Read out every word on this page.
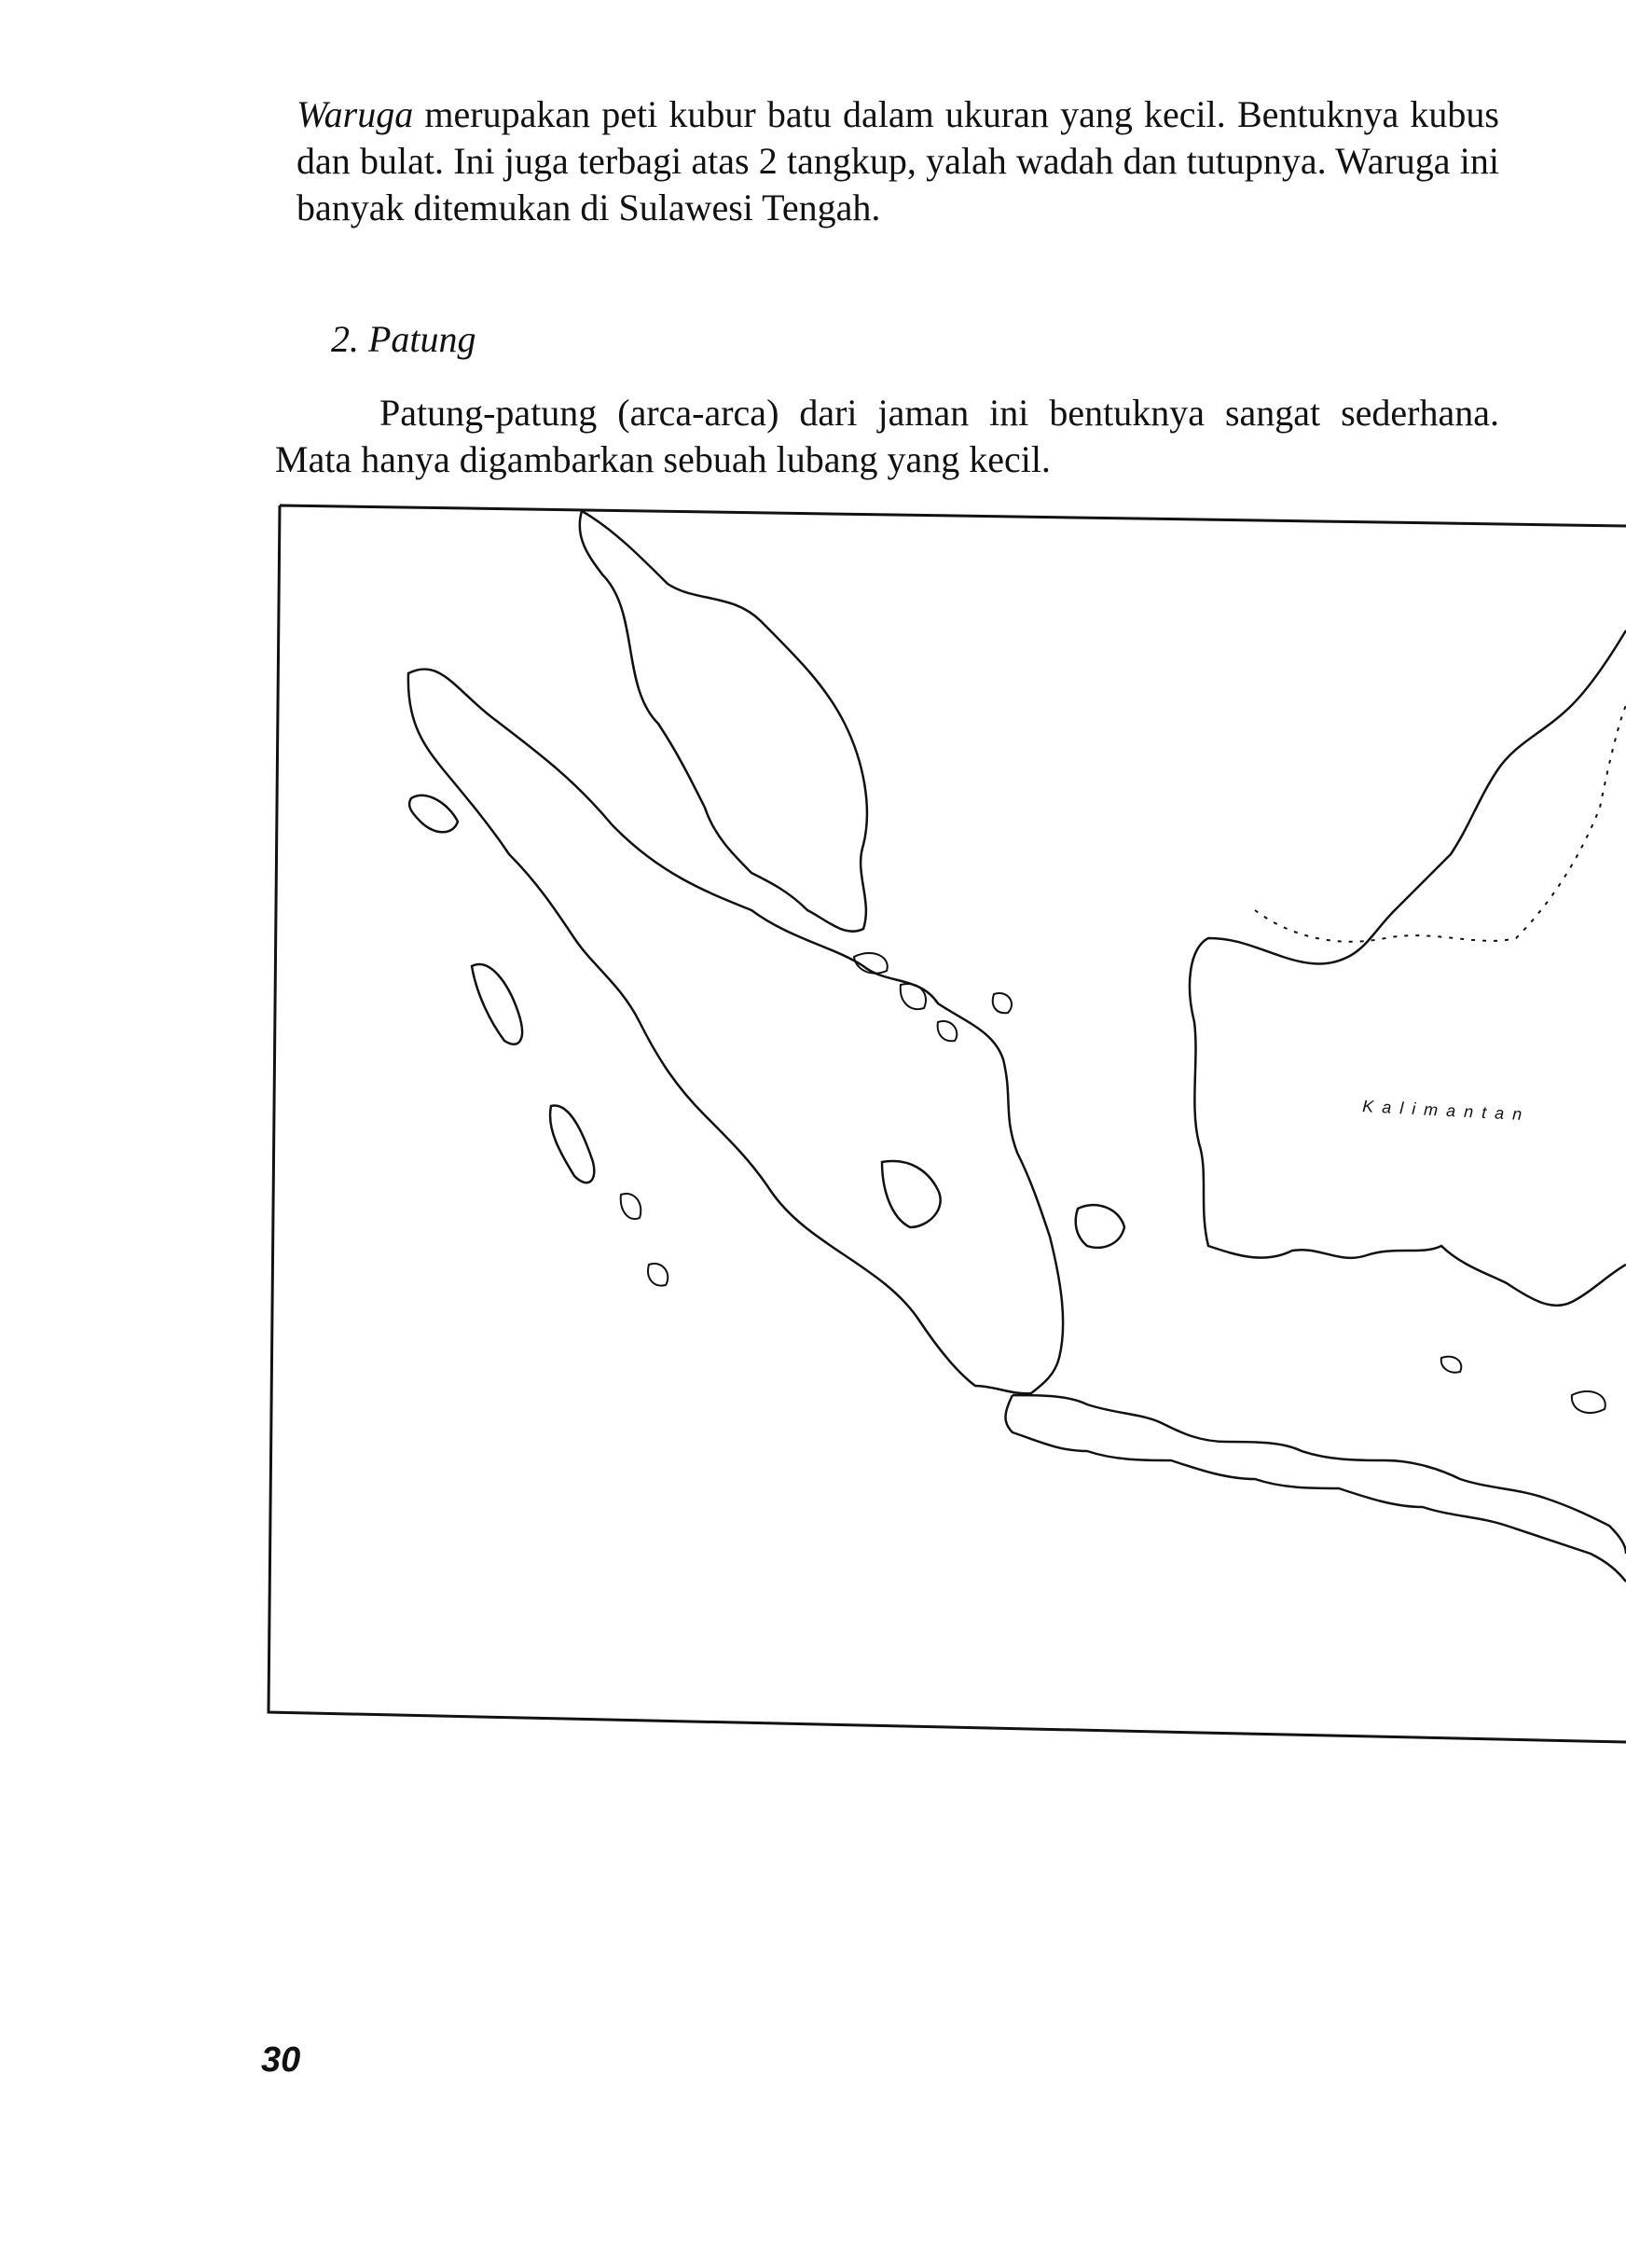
Waruga merupakan peti kubur batu dalam ukuran yang kecil. Bentuknya kubus dan bulat. Ini juga terbagi atas 2 tangkup, yalah wadah dan tutupnya. Waruga ini banyak ditemukan di Sulawesi Tengah.

2. Patung

Patung-patung (arca-arca) dari jaman ini bentuknya sangat sederhana. Mata hanya digambarkan sebuah lubang yang kecil.

Kalimantan
30
